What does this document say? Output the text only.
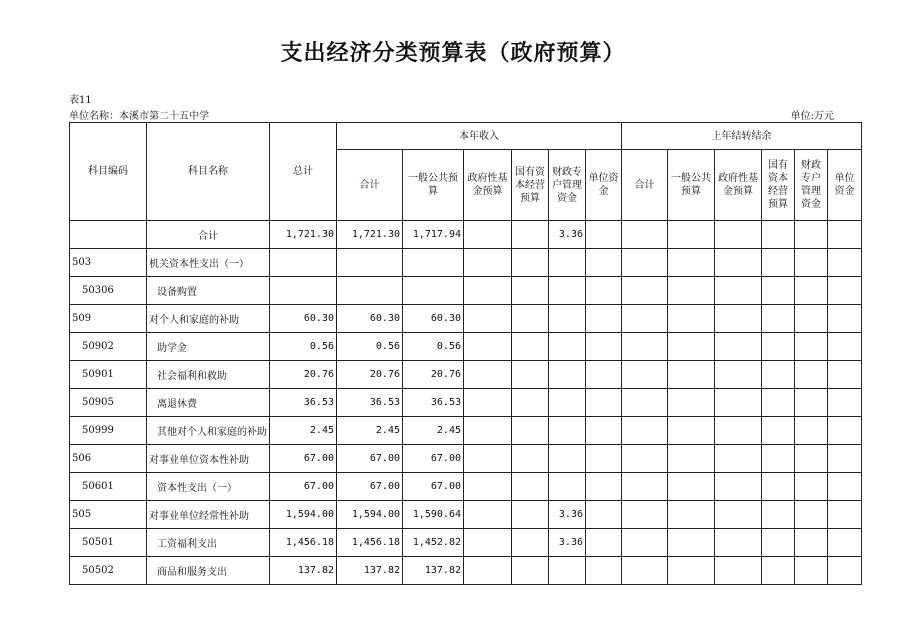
支出经济分类预算表（政府预算）
表11
单位名称：本溪市第二十五中学	单位:万元
科目编码	科目名称	总计	本年收入						上年结转结余					
			合计	一般公共预算	政府性基金预算	国有资本经营预算	财政专户管理资金	单位资金	合计	一般公共预算	政府性基金预算	国有资本经营预算	财政专户管理资金	单位资金
	合计	1,721.30	1,721.30	1,717.94			3.36							
503	机关资本性支出（一）													
50306	设备购置													
509	对个人和家庭的补助	60.30	60.30	60.30										
50902	助学金	0.56	0.56	0.56										
50901	社会福利和救助	20.76	20.76	20.76										
50905	离退休费	36.53	36.53	36.53										
50999	其他对个人和家庭的补助	2.45	2.45	2.45										
506	对事业单位资本性补助	67.00	67.00	67.00										
50601	资本性支出（一）	67.00	67.00	67.00										
505	对事业单位经常性补助	1,594.00	1,594.00	1,590.64			3.36							
50501	工资福利支出	1,456.18	1,456.18	1,452.82			3.36							
50502	商品和服务支出	137.82	137.82	137.82										
